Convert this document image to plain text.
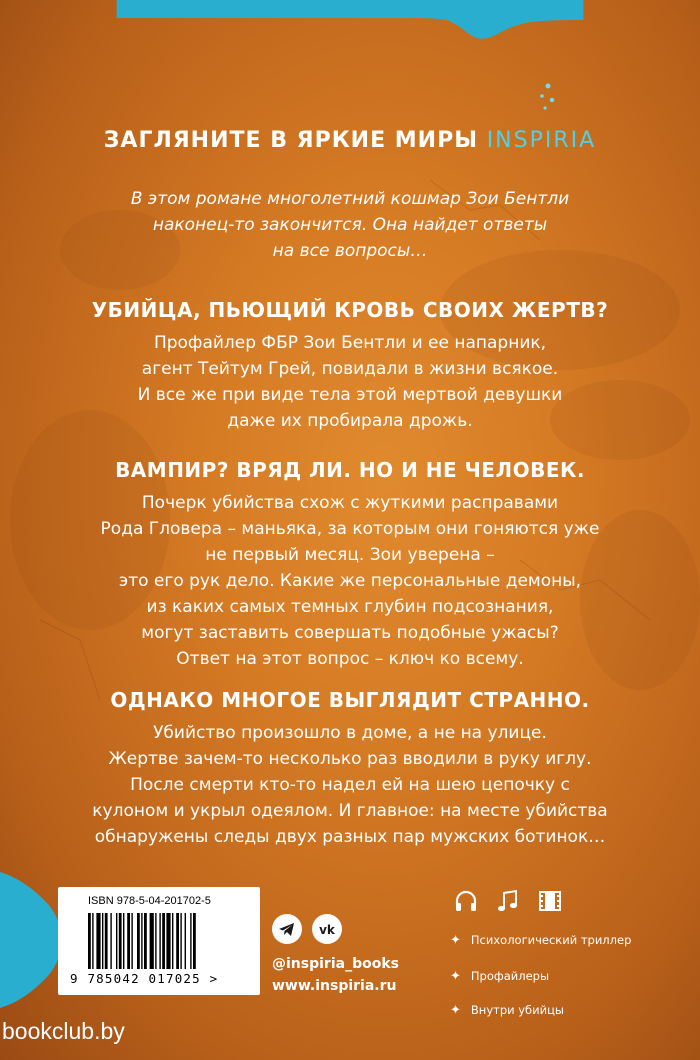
ЗАГЛЯНИТЕ В ЯРКИЕ МИРЫ INSPIRIA
В этом романе многолетний кошмар Зои Бентли
наконец-то закончится. Она найдет ответы
на все вопросы…
УБИЙЦА, ПЬЮЩИЙ КРОВЬ СВОИХ ЖЕРТВ?

Профайлер ФБР Зои Бентли и ее напарник,

агент Тейтум Грей, повидали в жизни всякое.

И все же при виде тела этой мертвой девушки

даже их пробирала дрожь.

ВАМПИР? ВРЯД ЛИ. НО И НЕ ЧЕЛОВЕК.

Почерк убийства схож с жуткими расправами

Рода Гловера – маньяка, за которым они гоняются уже

не первый месяц. Зои уверена –

это его рук дело. Какие же персональные демоны,

из каких самых темных глубин подсознания,

могут заставить совершать подобные ужасы?

Ответ на этот вопрос – ключ ко всему.

ОДНАКО МНОГОЕ ВЫГЛЯДИТ СТРАННО.

Убийство произошло в доме, а не на улице.

Жертве зачем-то несколько раз вводили в руку иглу.

После смерти кто-то надел ей на шею цепочку с

кулоном и укрыл одеялом. И главное: на месте убийства

обнаружены следы двух разных пар мужских ботинок…

ISBN 978-5-04-201702-5
9 785042 017025 >
vk
@inspiria_books
www.inspiria.ru
✦ Психологический триллер
✦ Профайлеры
✦ Внутри убийцы
bookclub.by
